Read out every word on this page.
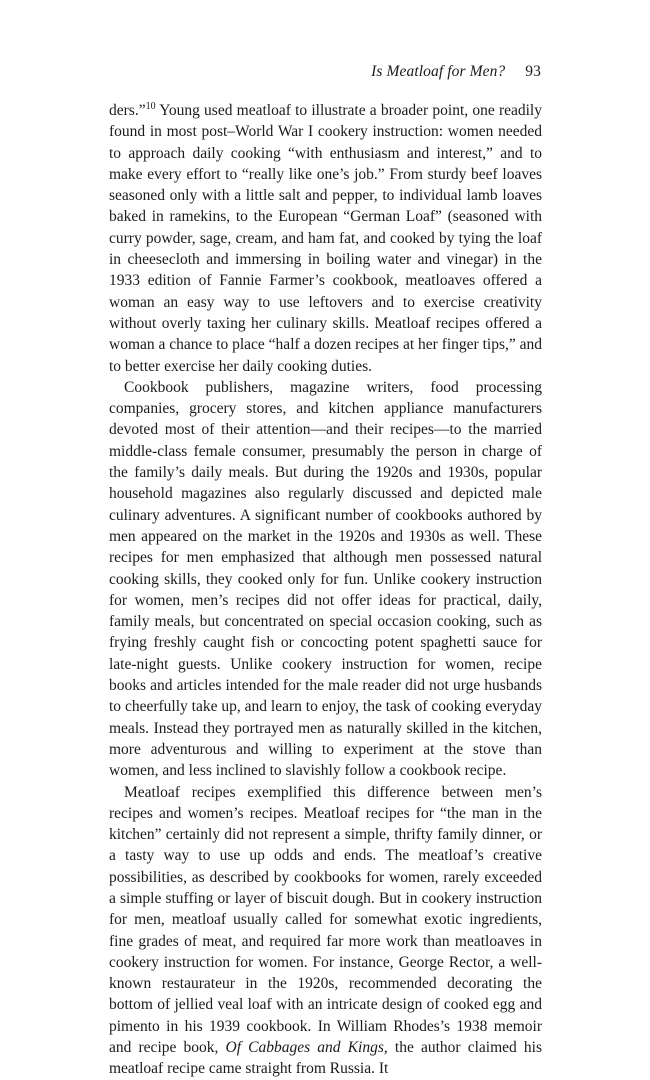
Is Meatloaf for Men? 93

ders.”$^{10}$ Young used meatloaf to illustrate a broader point, one readily found in most post–World War I cookery instruction: women needed to approach daily cooking “with enthusiasm and interest,” and to make every effort to “really like one’s job.” From sturdy beef loaves seasoned only with a little salt and pepper, to individual lamb loaves baked in ramekins, to the European “German Loaf” (seasoned with curry powder, sage, cream, and ham fat, and cooked by tying the loaf in cheesecloth and immersing in boiling water and vinegar) in the 1933 edition of Fannie Farmer’s cookbook, meatloaves offered a woman an easy way to use leftovers and to exercise creativity without overly taxing her culinary skills. Meatloaf recipes offered a woman a chance to place “half a dozen recipes at her finger tips,” and to better exercise her daily cooking duties.

Cookbook publishers, magazine writers, food processing companies, grocery stores, and kitchen appliance manufacturers devoted most of their attention—and their recipes—to the married middle-class female consumer, presumably the person in charge of the family’s daily meals. But during the 1920s and 1930s, popular household magazines also regularly discussed and depicted male culinary adventures. A significant number of cookbooks authored by men appeared on the market in the 1920s and 1930s as well. These recipes for men emphasized that although men possessed natural cooking skills, they cooked only for fun. Unlike cookery instruction for women, men’s recipes did not offer ideas for practical, daily, family meals, but concentrated on special occasion cooking, such as frying freshly caught fish or concocting potent spaghetti sauce for late-night guests. Unlike cookery instruction for women, recipe books and articles intended for the male reader did not urge husbands to cheerfully take up, and learn to enjoy, the task of cooking everyday meals. Instead they portrayed men as naturally skilled in the kitchen, more adventurous and willing to experiment at the stove than women, and less inclined to slavishly follow a cookbook recipe.

Meatloaf recipes exemplified this difference between men’s recipes and women’s recipes. Meatloaf recipes for “the man in the kitchen” certainly did not represent a simple, thrifty family dinner, or a tasty way to use up odds and ends. The meatloaf’s creative possibilities, as described by cookbooks for women, rarely exceeded a simple stuffing or layer of biscuit dough. But in cookery instruction for men, meatloaf usually called for somewhat exotic ingredients, fine grades of meat, and required far more work than meatloaves in cookery instruction for women. For instance, George Rector, a well-known restaurateur in the 1920s, recommended decorating the bottom of jellied veal loaf with an intricate design of cooked egg and pimento in his 1939 cookbook. In William Rhodes’s 1938 memoir and recipe book, Of Cabbages and Kings, the author claimed his meatloaf recipe came straight from Russia. It
